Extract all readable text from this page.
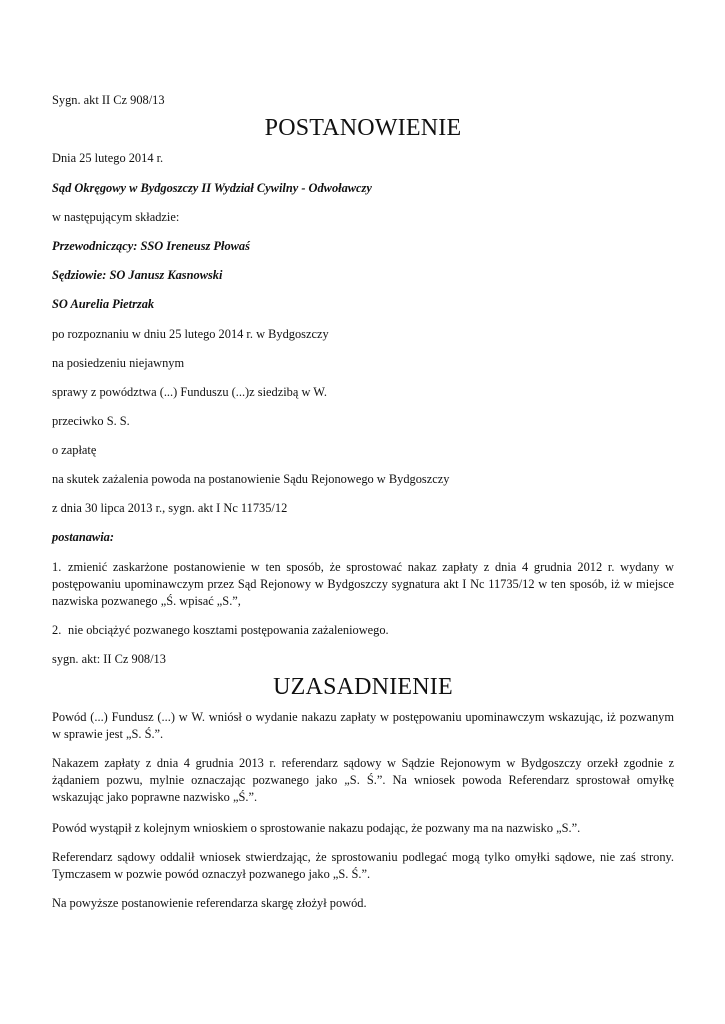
Sygn. akt II Cz 908/13

POSTANOWIENIE

Dnia 25 lutego 2014 r.

Sąd Okręgowy w Bydgoszczy II Wydział Cywilny - Odwoławczy

w następującym składzie:

Przewodniczący: SSO Ireneusz Płowaś

Sędziowie: SO Janusz Kasnowski

SO Aurelia Pietrzak

po rozpoznaniu w dniu 25 lutego 2014 r. w Bydgoszczy

na posiedzeniu niejawnym

sprawy z powództwa (...) Funduszu (...)z siedzibą w W.

przeciwko S. S.

o zapłatę

na skutek zażalenia powoda na postanowienie Sądu Rejonowego w Bydgoszczy

z dnia 30 lipca 2013 r., sygn. akt I Nc 11735/12

postanawia:

1. zmienić zaskarżone postanowienie w ten sposób, że sprostować nakaz zapłaty z dnia 4 grudnia 2012 r. wydany w postępowaniu upominawczym przez Sąd Rejonowy w Bydgoszczy sygnatura akt I Nc 11735/12 w ten sposób, iż w miejsce nazwiska pozwanego „Ś. wpisać „S.”,

2. nie obciążyć pozwanego kosztami postępowania zażaleniowego.

sygn. akt: II Cz 908/13

UZASADNIENIE

Powód (...) Fundusz (...) w W. wniósł o wydanie nakazu zapłaty w postępowaniu upominawczym wskazując, iż pozwanym w sprawie jest „S. Ś.”.

Nakazem zapłaty z dnia 4 grudnia 2013 r. referendarz sądowy w Sądzie Rejonowym w Bydgoszczy orzekł zgodnie z żądaniem pozwu, mylnie oznaczając pozwanego jako „S. Ś.”. Na wniosek powoda Referendarz sprostował omyłkę wskazując jako poprawne nazwisko „Ś.”.

Powód wystąpił z kolejnym wnioskiem o sprostowanie nakazu podając, że pozwany ma na nazwisko „S.”.

Referendarz sądowy oddalił wniosek stwierdzając, że sprostowaniu podlegać mogą tylko omyłki sądowe, nie zaś strony. Tymczasem w pozwie powód oznaczył pozwanego jako „S. Ś.”.

Na powyższe postanowienie referendarza skargę złożył powód.
